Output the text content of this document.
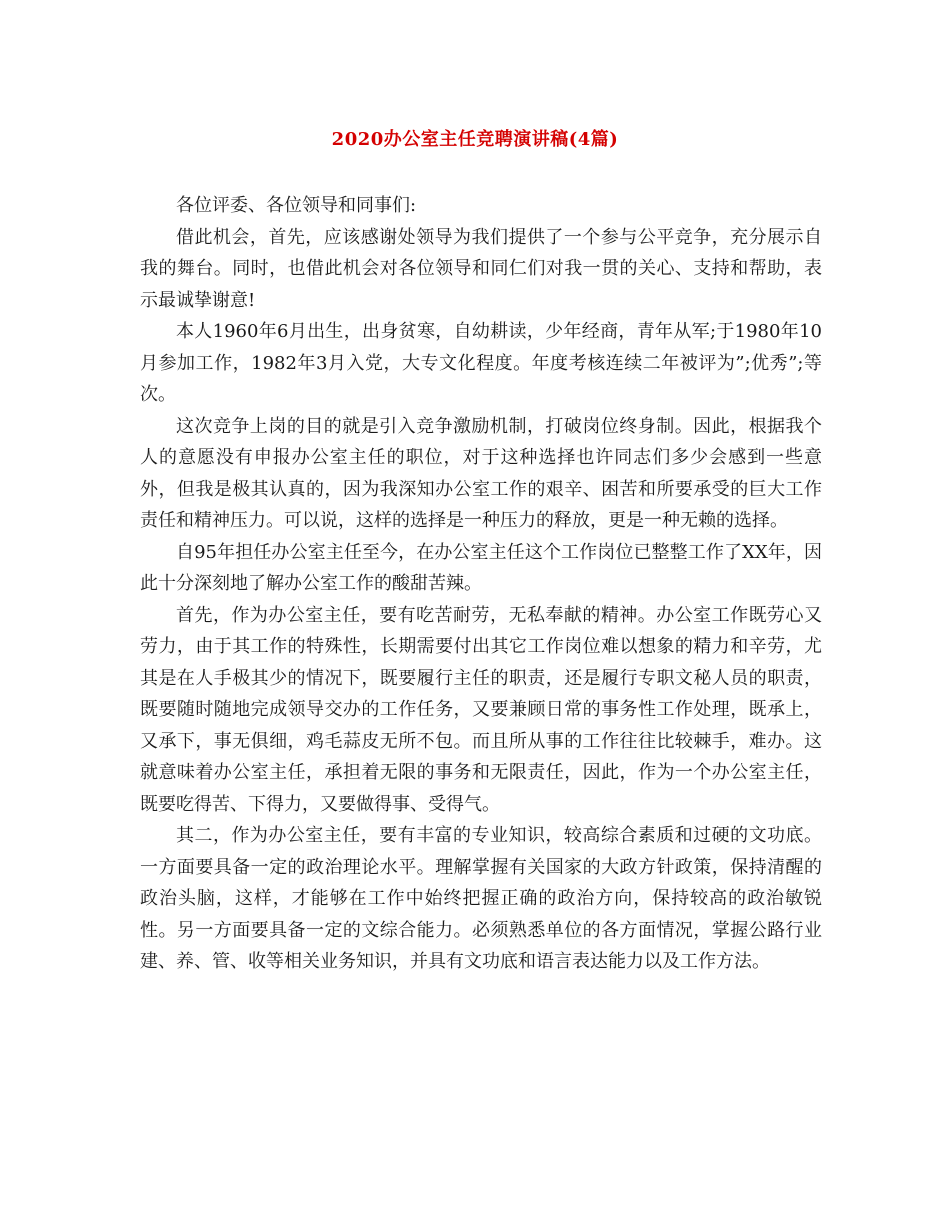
2020办公室主任竞聘演讲稿(4篇)

各位评委、各位领导和同事们:

借此机会，首先，应该感谢处领导为我们提供了一个参与公平竞争，充分展示自我的舞台。同时，也借此机会对各位领导和同仁们对我一贯的关心、支持和帮助，表示最诚挚谢意!

本人1960年6月出生，出身贫寒，自幼耕读，少年经商，青年从军;于1980年10月参加工作，1982年3月入党，大专文化程度。年度考核连续二年被评为”;优秀”;等次。

这次竞争上岗的目的就是引入竞争激励机制，打破岗位终身制。因此，根据我个人的意愿没有申报办公室主任的职位，对于这种选择也许同志们多少会感到一些意外，但我是极其认真的，因为我深知办公室工作的艰辛、困苦和所要承受的巨大工作责任和精神压力。可以说，这样的选择是一种压力的释放，更是一种无赖的选择。

自95年担任办公室主任至今，在办公室主任这个工作岗位已整整工作了XX年，因此十分深刻地了解办公室工作的酸甜苦辣。

首先，作为办公室主任，要有吃苦耐劳，无私奉献的精神。办公室工作既劳心又劳力，由于其工作的特殊性，长期需要付出其它工作岗位难以想象的精力和辛劳，尤其是在人手极其少的情况下，既要履行主任的职责，还是履行专职文秘人员的职责，既要随时随地完成领导交办的工作任务，又要兼顾日常的事务性工作处理，既承上，又承下，事无俱细，鸡毛蒜皮无所不包。而且所从事的工作往往比较棘手，难办。这就意味着办公室主任，承担着无限的事务和无限责任，因此，作为一个办公室主任，既要吃得苦、下得力，又要做得事、受得气。

其二，作为办公室主任，要有丰富的专业知识，较高综合素质和过硬的文功底。一方面要具备一定的政治理论水平。理解掌握有关国家的大政方针政策，保持清醒的政治头脑，这样，才能够在工作中始终把握正确的政治方向，保持较高的政治敏锐性。另一方面要具备一定的文综合能力。必须熟悉单位的各方面情况，掌握公路行业建、养、管、收等相关业务知识，并具有文功底和语言表达能力以及工作方法。
